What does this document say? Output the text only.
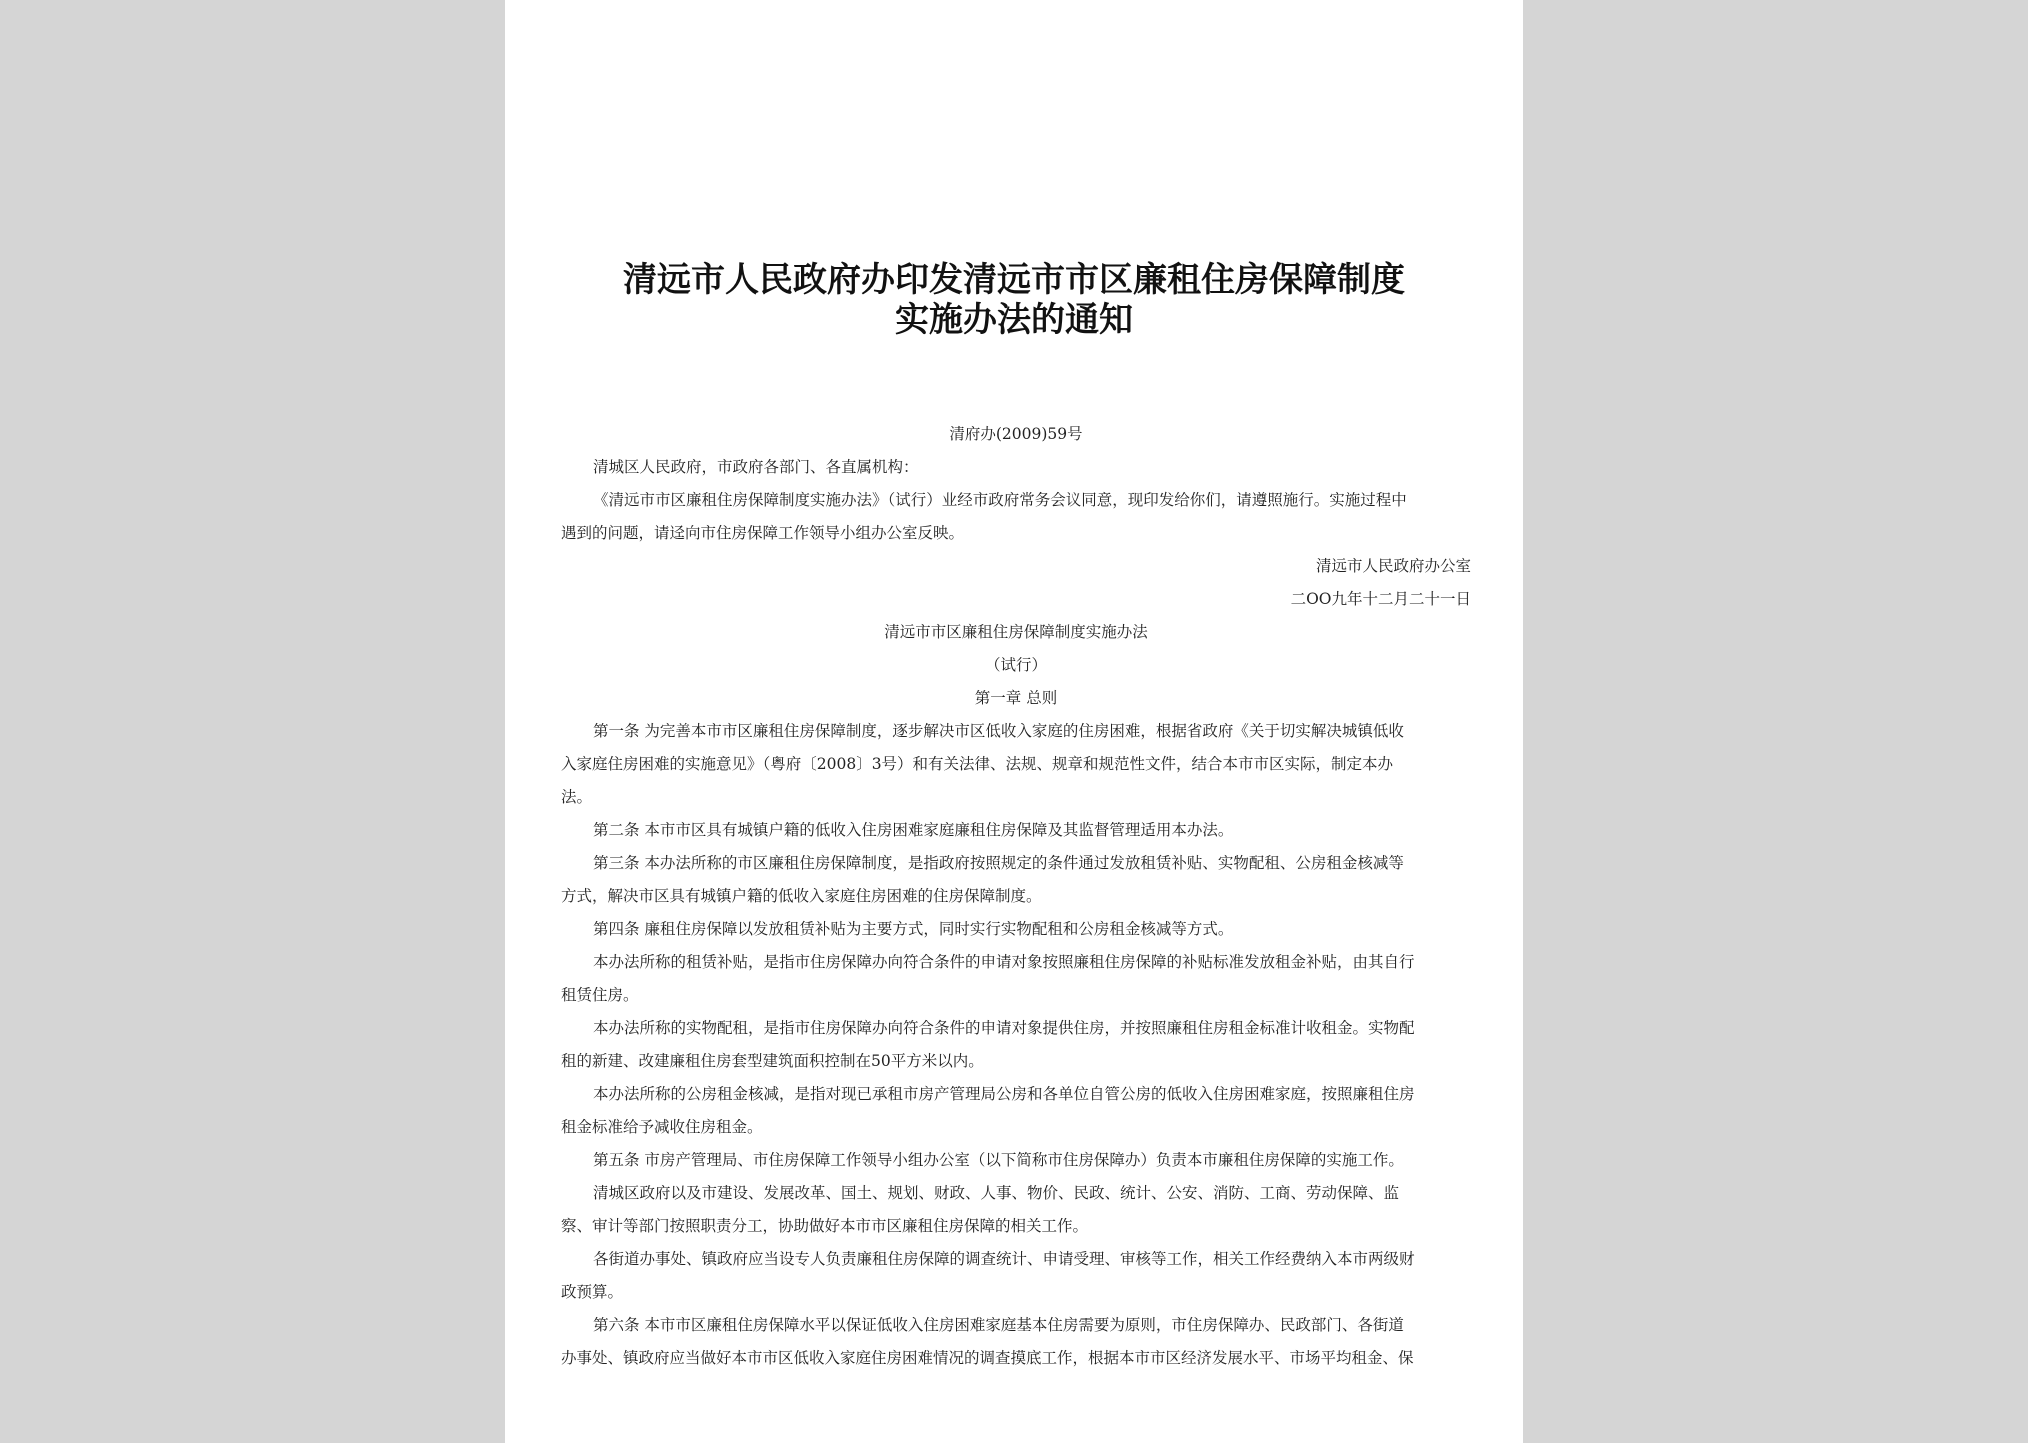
清远市人民政府办印发清远市市区廉租住房保障制度
实施办法的通知
清府办(2009)59号
清城区人民政府，市政府各部门、各直属机构：
《清远市市区廉租住房保障制度实施办法》（试行）业经市政府常务会议同意，现印发给你们，请遵照施行。实施过程中
遇到的问题，请迳向市住房保障工作领导小组办公室反映。
清远市人民政府办公室
二OO九年十二月二十一日
清远市市区廉租住房保障制度实施办法
（试行）
第一章 总则
第一条 为完善本市市区廉租住房保障制度，逐步解决市区低收入家庭的住房困难，根据省政府《关于切实解决城镇低收
入家庭住房困难的实施意见》（粤府〔2008〕3号）和有关法律、法规、规章和规范性文件，结合本市市区实际，制定本办
法。
第二条 本市市区具有城镇户籍的低收入住房困难家庭廉租住房保障及其监督管理适用本办法。
第三条 本办法所称的市区廉租住房保障制度，是指政府按照规定的条件通过发放租赁补贴、实物配租、公房租金核减等
方式，解决市区具有城镇户籍的低收入家庭住房困难的住房保障制度。
第四条 廉租住房保障以发放租赁补贴为主要方式，同时实行实物配租和公房租金核减等方式。
本办法所称的租赁补贴，是指市住房保障办向符合条件的申请对象按照廉租住房保障的补贴标准发放租金补贴，由其自行
租赁住房。
本办法所称的实物配租，是指市住房保障办向符合条件的申请对象提供住房，并按照廉租住房租金标准计收租金。实物配
租的新建、改建廉租住房套型建筑面积控制在50平方米以内。
本办法所称的公房租金核减，是指对现已承租市房产管理局公房和各单位自管公房的低收入住房困难家庭，按照廉租住房
租金标准给予减收住房租金。
第五条 市房产管理局、市住房保障工作领导小组办公室（以下简称市住房保障办）负责本市廉租住房保障的实施工作。
清城区政府以及市建设、发展改革、国土、规划、财政、人事、物价、民政、统计、公安、消防、工商、劳动保障、监
察、审计等部门按照职责分工，协助做好本市市区廉租住房保障的相关工作。
各街道办事处、镇政府应当设专人负责廉租住房保障的调查统计、申请受理、审核等工作，相关工作经费纳入本市两级财
政预算。
第六条 本市市区廉租住房保障水平以保证低收入住房困难家庭基本住房需要为原则，市住房保障办、民政部门、各街道
办事处、镇政府应当做好本市市区低收入家庭住房困难情况的调查摸底工作，根据本市市区经济发展水平、市场平均租金、保
